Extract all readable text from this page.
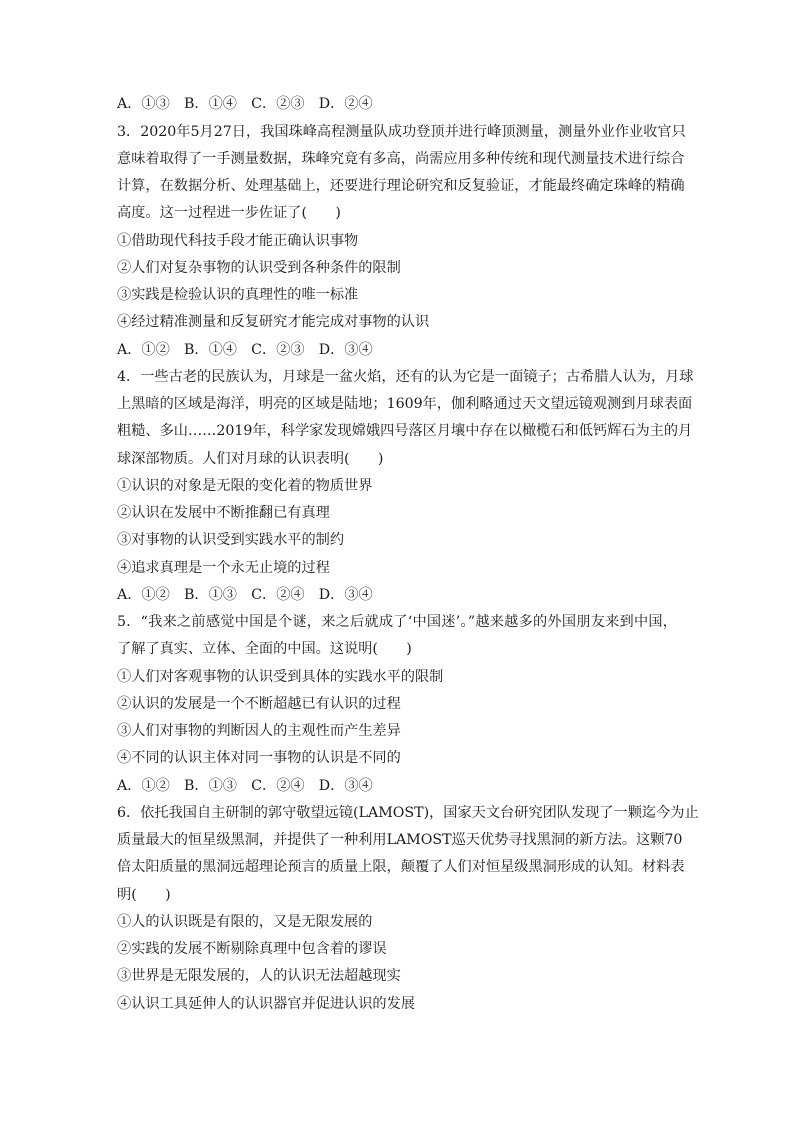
A．①③　B．①④　C．②③　D．②④
3．2020年5月27日，我国珠峰高程测量队成功登顶并进行峰顶测量，测量外业作业收官只
意味着取得了一手测量数据，珠峰究竟有多高，尚需应用多种传统和现代测量技术进行综合
计算，在数据分析、处理基础上，还要进行理论研究和反复验证，才能最终确定珠峰的精确
高度。这一过程进一步佐证了(　　)
①借助现代科技手段才能正确认识事物
②人们对复杂事物的认识受到各种条件的限制
③实践是检验认识的真理性的唯一标准
④经过精准测量和反复研究才能完成对事物的认识
A．①②　B．①④　C．②③　D．③④
4．一些古老的民族认为，月球是一盆火焰，还有的认为它是一面镜子；古希腊人认为，月球
上黑暗的区域是海洋，明亮的区域是陆地；1609年，伽利略通过天文望远镜观测到月球表面
粗糙、多山……2019年，科学家发现嫦娥四号落区月壤中存在以橄榄石和低钙辉石为主的月
球深部物质。人们对月球的认识表明(　　)
①认识的对象是无限的变化着的物质世界
②认识在发展中不断推翻已有真理
③对事物的认识受到实践水平的制约
④追求真理是一个永无止境的过程
A．①②　B．①③　C．②④　D．③④
5．“我来之前感觉中国是个谜，来之后就成了‘中国迷’。”越来越多的外国朋友来到中国，
了解了真实、立体、全面的中国。这说明(　　)
①人们对客观事物的认识受到具体的实践水平的限制
②认识的发展是一个不断超越已有认识的过程
③人们对事物的判断因人的主观性而产生差异
④不同的认识主体对同一事物的认识是不同的
A．①②　B．①③　C．②④　D．③④
6．依托我国自主研制的郭守敬望远镜(LAMOST)，国家天文台研究团队发现了一颗迄今为止
质量最大的恒星级黑洞，并提供了一种利用LAMOST巡天优势寻找黑洞的新方法。这颗70
倍太阳质量的黑洞远超理论预言的质量上限，颠覆了人们对恒星级黑洞形成的认知。材料表
明(　　)
①人的认识既是有限的，又是无限发展的
②实践的发展不断剔除真理中包含着的谬误
③世界是无限发展的，人的认识无法超越现实
④认识工具延伸人的认识器官并促进认识的发展
